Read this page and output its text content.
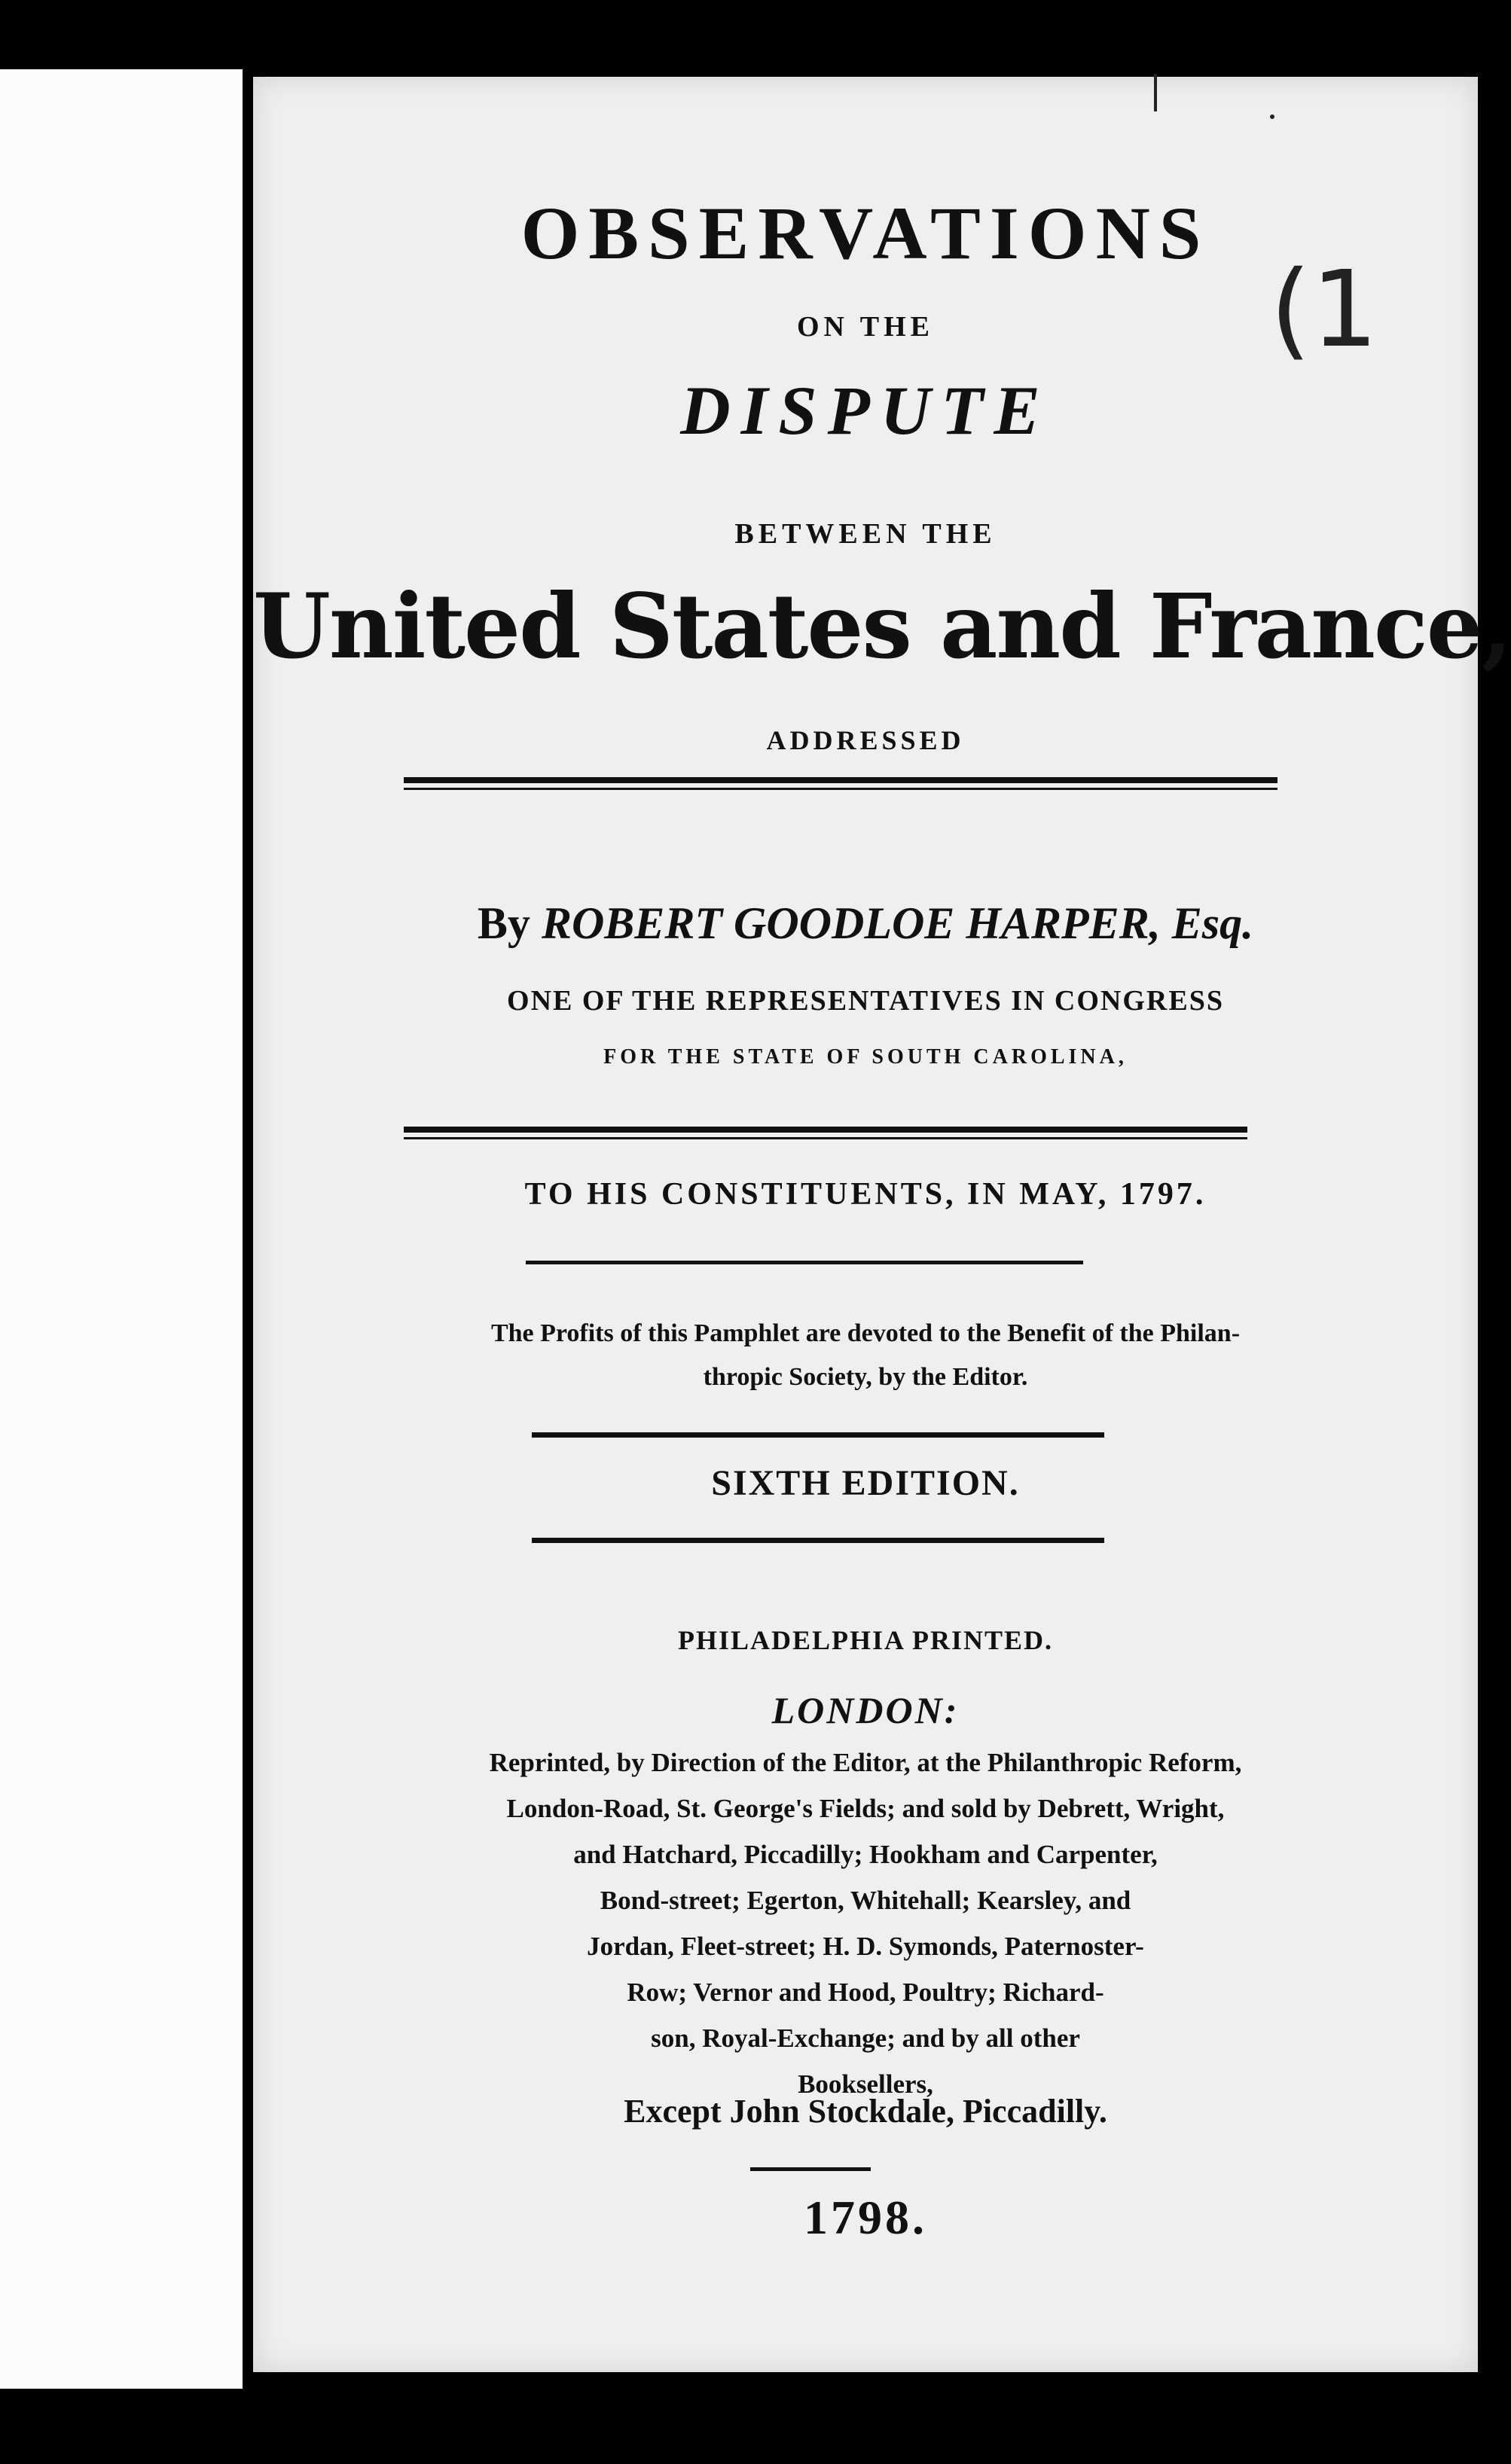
(1
OBSERVATIONS
ON THE
DISPUTE
BETWEEN THE
United States and France,
ADDRESSED
By ROBERT GOODLOE HARPER, Esq.
ONE OF THE REPRESENTATIVES IN CONGRESS
FOR THE STATE OF SOUTH CAROLINA,
TO HIS CONSTITUENTS, IN MAY, 1797.
The Profits of this Pamphlet are devoted to the Benefit of the Philan-
thropic Society, by the Editor.
SIXTH EDITION.
PHILADELPHIA PRINTED.
LONDON:
Reprinted, by Direction of the Editor, at the Philanthropic Reform,
London-Road, St. George's Fields; and sold by Debrett, Wright,
and Hatchard, Piccadilly; Hookham and Carpenter,
Bond-street; Egerton, Whitehall; Kearsley, and
Jordan, Fleet-street; H. D. Symonds, Paternoster-
Row; Vernor and Hood, Poultry; Richard-
son, Royal-Exchange; and by all other
Booksellers,
Except John Stockdale, Piccadilly.
1798.
